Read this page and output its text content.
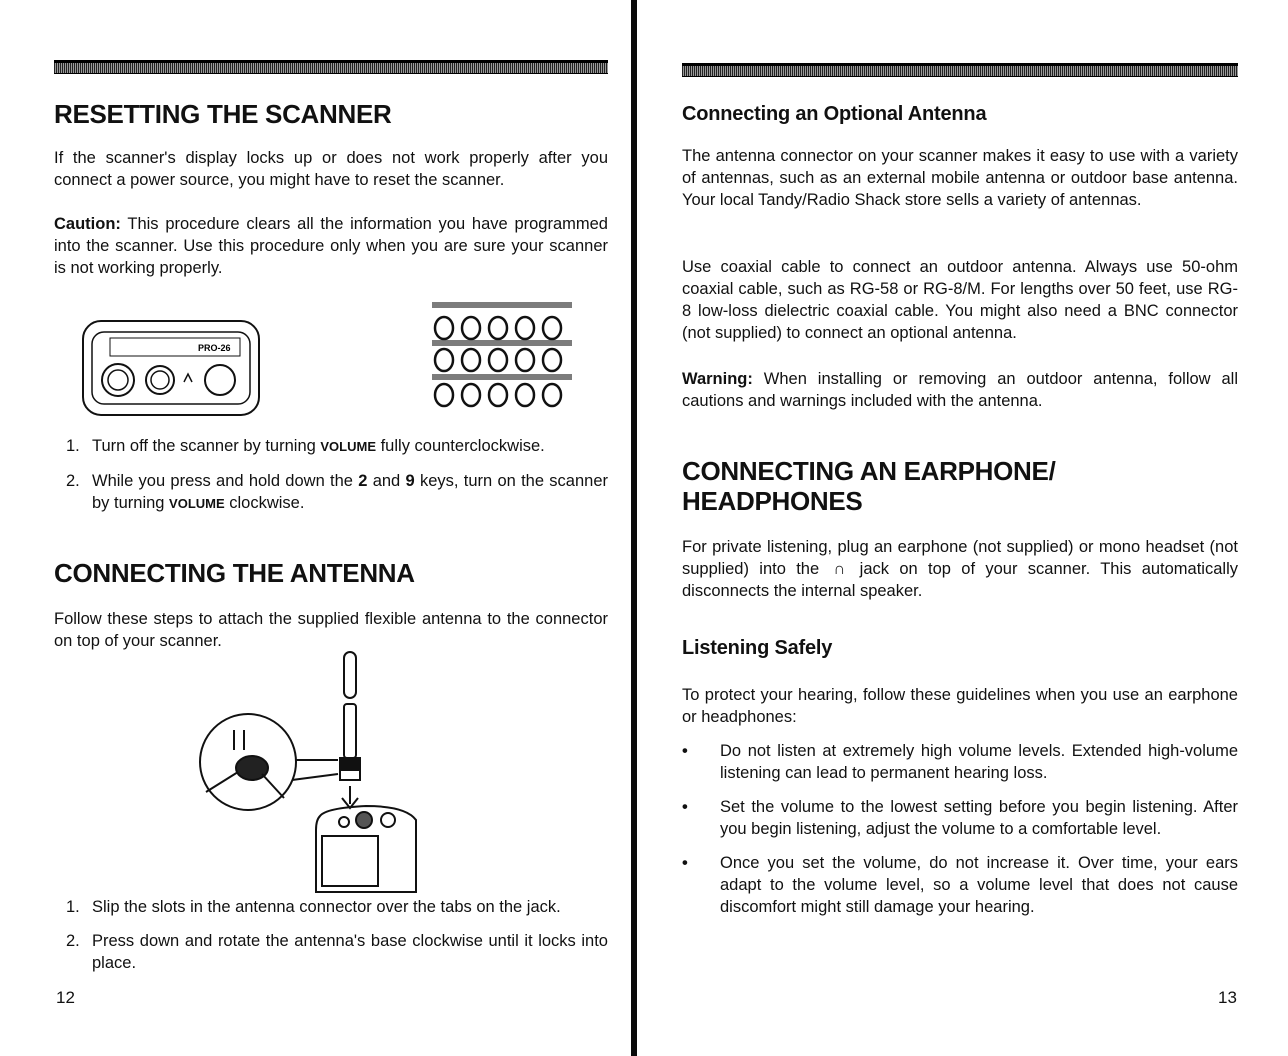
RESETTING THE SCANNER

If the scanner's display locks up or does not work properly after you connect a power source, you might have to reset the scanner.

Caution: This procedure clears all the information you have programmed into the scanner. Use this procedure only when you are sure your scanner is not working properly.

PRO-26
1. Turn off the scanner by turning VOLUME fully counterclockwise.
2. While you press and hold down the 2 and 9 keys, turn on the scanner by turning VOLUME clockwise.
CONNECTING THE ANTENNA

Follow these steps to attach the supplied flexible antenna to the connector on top of your scanner.

1. Slip the slots in the antenna connector over the tabs on the jack.
2. Press down and rotate the antenna's base clockwise until it locks into place.
12
Connecting an Optional Antenna

The antenna connector on your scanner makes it easy to use with a variety of antennas, such as an external mobile antenna or outdoor base antenna. Your local Tandy/Radio Shack store sells a variety of antennas.

Use coaxial cable to connect an outdoor antenna. Always use 50-ohm coaxial cable, such as RG-58 or RG-8/M. For lengths over 50 feet, use RG-8 low-loss dielectric coaxial cable. You might also need a BNC connector (not supplied) to connect an optional antenna.

Warning: When installing or removing an outdoor antenna, follow all cautions and warnings included with the antenna.

CONNECTING AN EARPHONE/
HEADPHONES

For private listening, plug an earphone (not supplied) or mono headset (not supplied) into the ∩ jack on top of your scanner. This automatically disconnects the internal speaker.

Listening Safely

To protect your hearing, follow these guidelines when you use an earphone or headphones:

• Do not listen at extremely high volume levels. Extended high-volume listening can lead to permanent hearing loss.
• Set the volume to the lowest setting before you begin listening. After you begin listening, adjust the volume to a comfortable level.
• Once you set the volume, do not increase it. Over time, your ears adapt to the volume level, so a volume level that does not cause discomfort might still damage your hearing.
13
